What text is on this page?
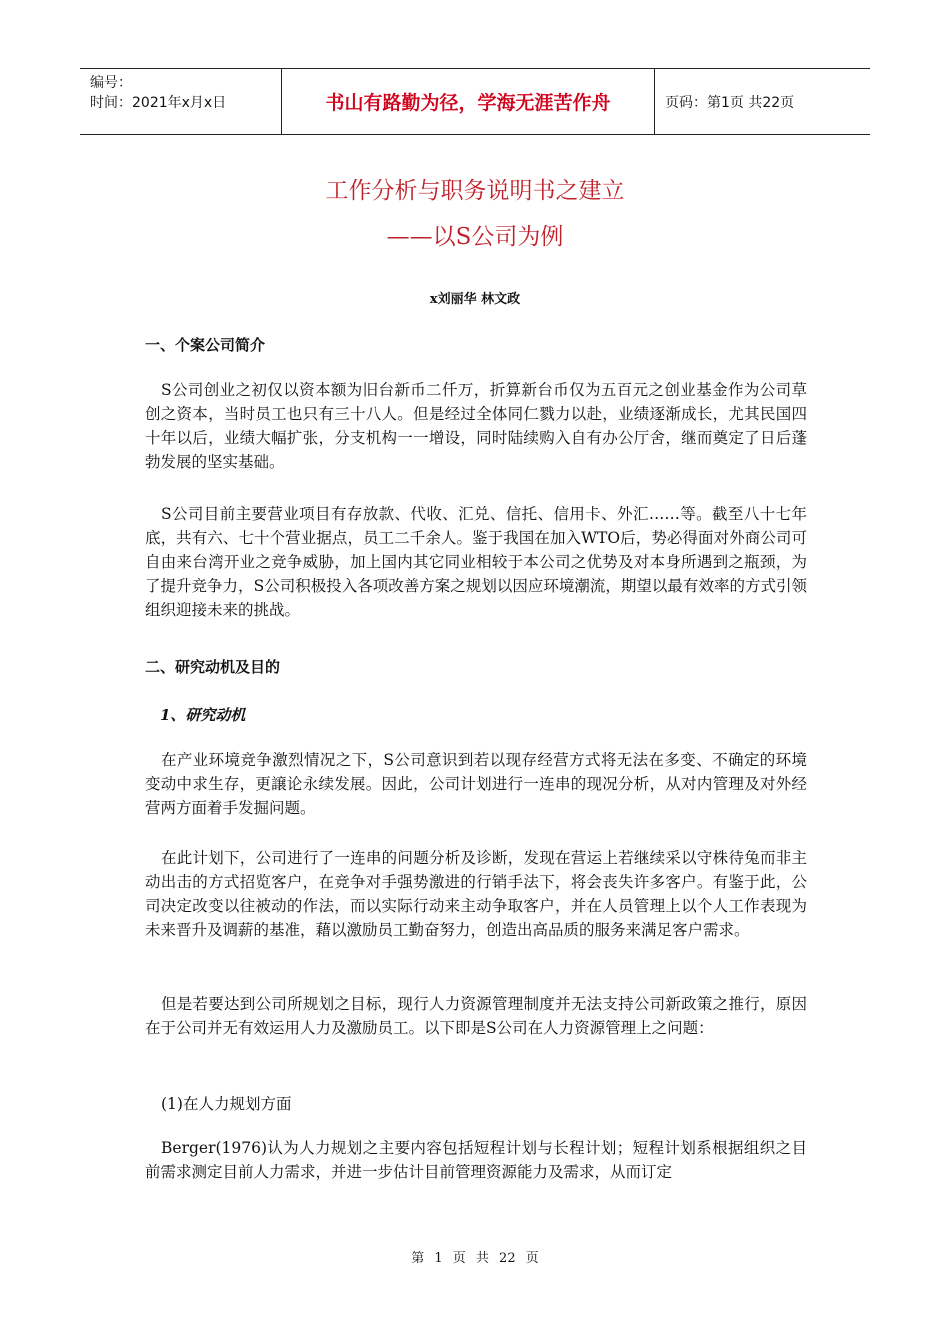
编号：
时间：2021年x月x日	书山有路勤为径，学海无涯苦作舟	页码：第1页 共22页
工作分析与职务说明书之建立
——以S公司为例
x刘丽华 林文政
一、个案公司简介

S公司创业之初仅以资本额为旧台新币二仟万，折算新台币仅为五百元之创业基金作为公司草创之资本，当时员工也只有三十八人。但是经过全体同仁戮力以赴，业绩逐渐成长，尤其民国四十年以后，业绩大幅扩张，分支机构一一增设，同时陆续购入自有办公厅舍，继而奠定了日后蓬勃发展的坚实基础。

S公司目前主要营业项目有存放款、代收、汇兑、信托、信用卡、外汇……等。截至八十七年底，共有六、七十个营业据点，员工二千余人。鉴于我国在加入WTO后，势必得面对外商公司可自由来台湾开业之竞争威胁，加上国内其它同业相较于本公司之优势及对本身所遇到之瓶颈，为了提升竞争力，S公司积极投入各项改善方案之规划以因应环境潮流，期望以最有效率的方式引领组织迎接未来的挑战。

二、研究动机及目的
1、研究动机

在产业环境竞争激烈情况之下，S公司意识到若以现存经营方式将无法在多变、不确定的环境变动中求生存，更譲论永续发展。因此，公司计划进行一连串的现况分析，从对内管理及对外经营两方面着手发掘问题。

在此计划下，公司进行了一连串的问题分析及诊断，发现在营运上若继续采以守株待兔而非主动出击的方式招览客户，在竞争对手强势激进的行销手法下，将会丧失许多客户。有鉴于此，公司决定改变以往被动的作法，而以实际行动来主动争取客户，并在人员管理上以个人工作表现为未来晋升及调薪的基准，藉以激励员工勤奋努力，创造出高品质的服务来满足客户需求。

但是若要达到公司所规划之目标，现行人力资源管理制度并无法支持公司新政策之推行，原因在于公司并无有效运用人力及激励员工。以下即是S公司在人力资源管理上之问题：

(1)在人力规划方面

Berger(1976)认为人力规划之主要内容包括短程计划与长程计划；短程计划系根据组织之目前需求测定目前人力需求，并进一步估计目前管理资源能力及需求，从而订定

第 1 页 共 22 页
